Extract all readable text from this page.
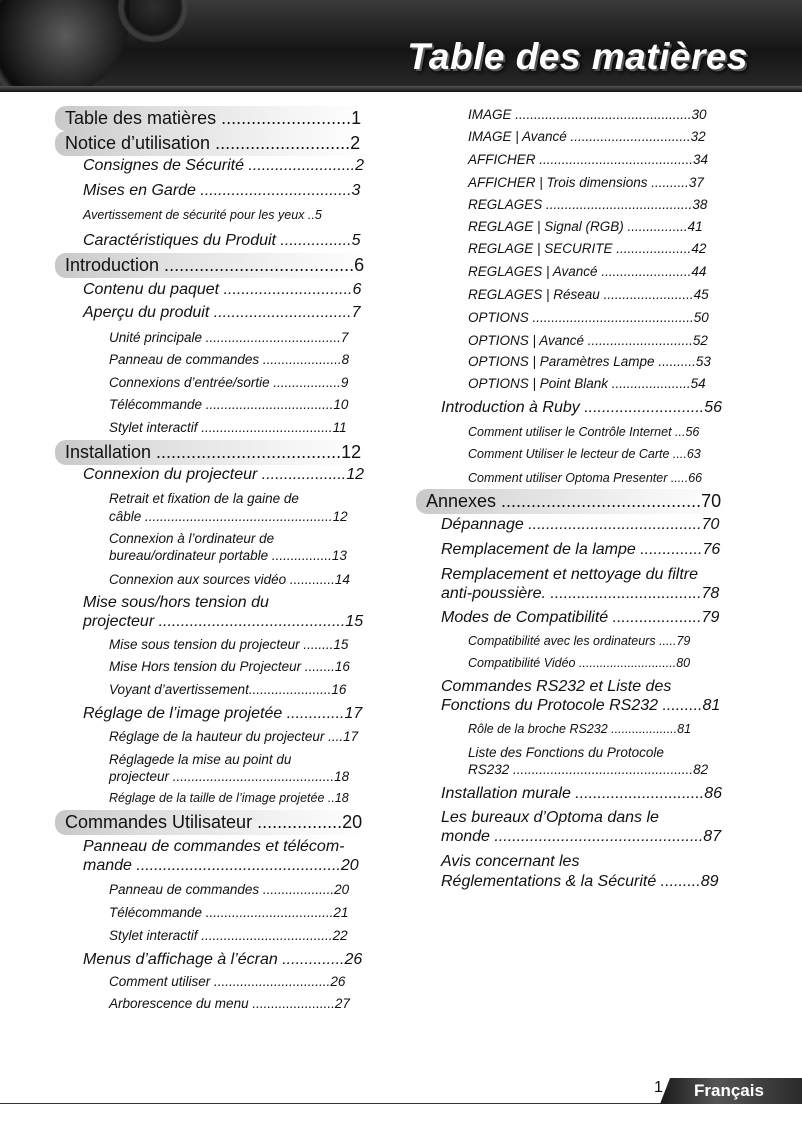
Table des matières
Table des matières ..........................1
Notice d’utilisation ...........................2
Consignes de Sécurité ........................2
Mises en Garde ..................................3
Avertissement de sécurité pour les yeux ..5
Caractéristiques du Produit ................5
Introduction ......................................6
Contenu du paquet .............................6
Aperçu du produit ...............................7
Unité principale ....................................7
Panneau de commandes .....................8
Connexions d’entrée/sortie ..................9
Télécommande ..................................10
Stylet interactif ...................................11
Installation .....................................12
Connexion du projecteur ...................12
Retrait et fixation de la gaine de
câble ..................................................12
Connexion à l’ordinateur de
bureau/ordinateur portable ................13
Connexion aux sources vidéo ............14
Mise sous/hors tension du
projecteur ..........................................15
Mise sous tension du projecteur ........15
Mise Hors tension du Projecteur ........16
Voyant d’avertissement......................16
Réglage de l’image projetée .............17
Réglage de la hauteur du projecteur ....17
Réglagede la mise au point du
projecteur ...........................................18
Réglage de la taille de l’image projetée ..18
Commandes Utilisateur .................20
Panneau de commandes et télécom-
mande ..............................................20
Panneau de commandes ...................20
Télécommande ..................................21
Stylet interactif ...................................22
Menus d’affichage à l’écran ..............26
Comment utiliser ...............................26
Arborescence du menu ......................27
IMAGE ...............................................30
IMAGE | Avancé ................................32
AFFICHER .........................................34
AFFICHER | Trois dimensions ..........37
REGLAGES .......................................38
REGLAGE | Signal (RGB) ................41
REGLAGE | SECURITE ....................42
REGLAGES | Avancé ........................44
REGLAGES | Réseau ........................45
OPTIONS ...........................................50
OPTIONS | Avancé ............................52
OPTIONS | Paramètres Lampe ..........53
OPTIONS | Point Blank .....................54
Introduction à Ruby ...........................56
Comment utiliser le Contrôle Internet ...56
Comment Utiliser le lecteur de Carte ....63
Comment utiliser Optoma Presenter .....66
Annexes ........................................70
Dépannage .......................................70
Remplacement de la lampe ..............76
Remplacement et nettoyage du filtre
anti-poussière. ..................................78
Modes de Compatibilité ....................79
Compatibilité avec les ordinateurs .....79
Compatibilité Vidéo ............................80
Commandes RS232 et Liste des
Fonctions du Protocole RS232 .........81
Rôle de la broche RS232 ...................81
Liste des Fonctions du Protocole
RS232 ................................................82
Installation murale .............................86
Les bureaux d’Optoma dans le
monde ...............................................87
Avis concernant les
Réglementations & la Sécurité .........89
1 Français
